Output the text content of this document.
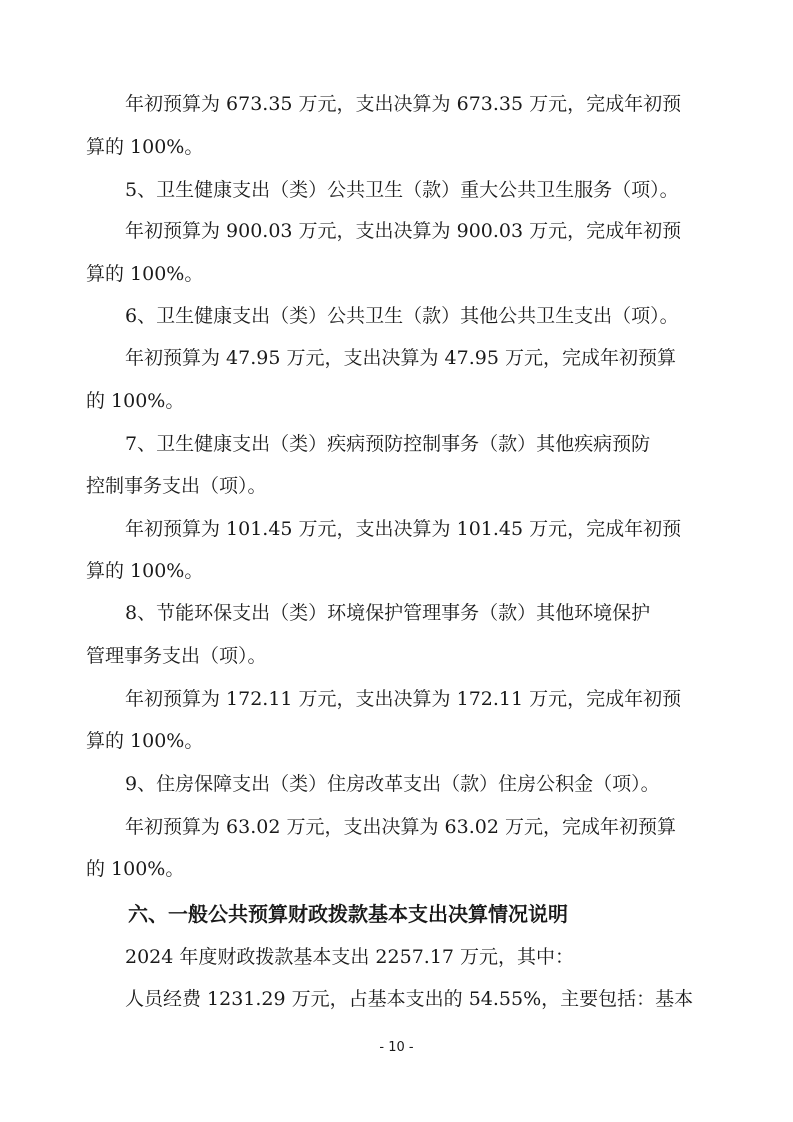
年初预算为 673.35 万元，支出决算为 673.35 万元，完成年初预
算的 100%。
5、卫生健康支出（类）公共卫生（款）重大公共卫生服务（项）。
年初预算为 900.03 万元，支出决算为 900.03 万元，完成年初预
算的 100%。
6、卫生健康支出（类）公共卫生（款）其他公共卫生支出（项）。
年初预算为 47.95 万元，支出决算为 47.95 万元，完成年初预算
的 100%。
7、卫生健康支出（类）疾病预防控制事务（款）其他疾病预防
控制事务支出（项）。
年初预算为 101.45 万元，支出决算为 101.45 万元，完成年初预
算的 100%。
8、节能环保支出（类）环境保护管理事务（款）其他环境保护
管理事务支出（项）。
年初预算为 172.11 万元，支出决算为 172.11 万元，完成年初预
算的 100%。
9、住房保障支出（类）住房改革支出（款）住房公积金（项）。
年初预算为 63.02 万元，支出决算为 63.02 万元，完成年初预算
的 100%。
六、一般公共预算财政拨款基本支出决算情况说明
2024 年度财政拨款基本支出 2257.17 万元，其中：
人员经费 1231.29 万元，占基本支出的 54.55%，主要包括：基本
- 10 -
